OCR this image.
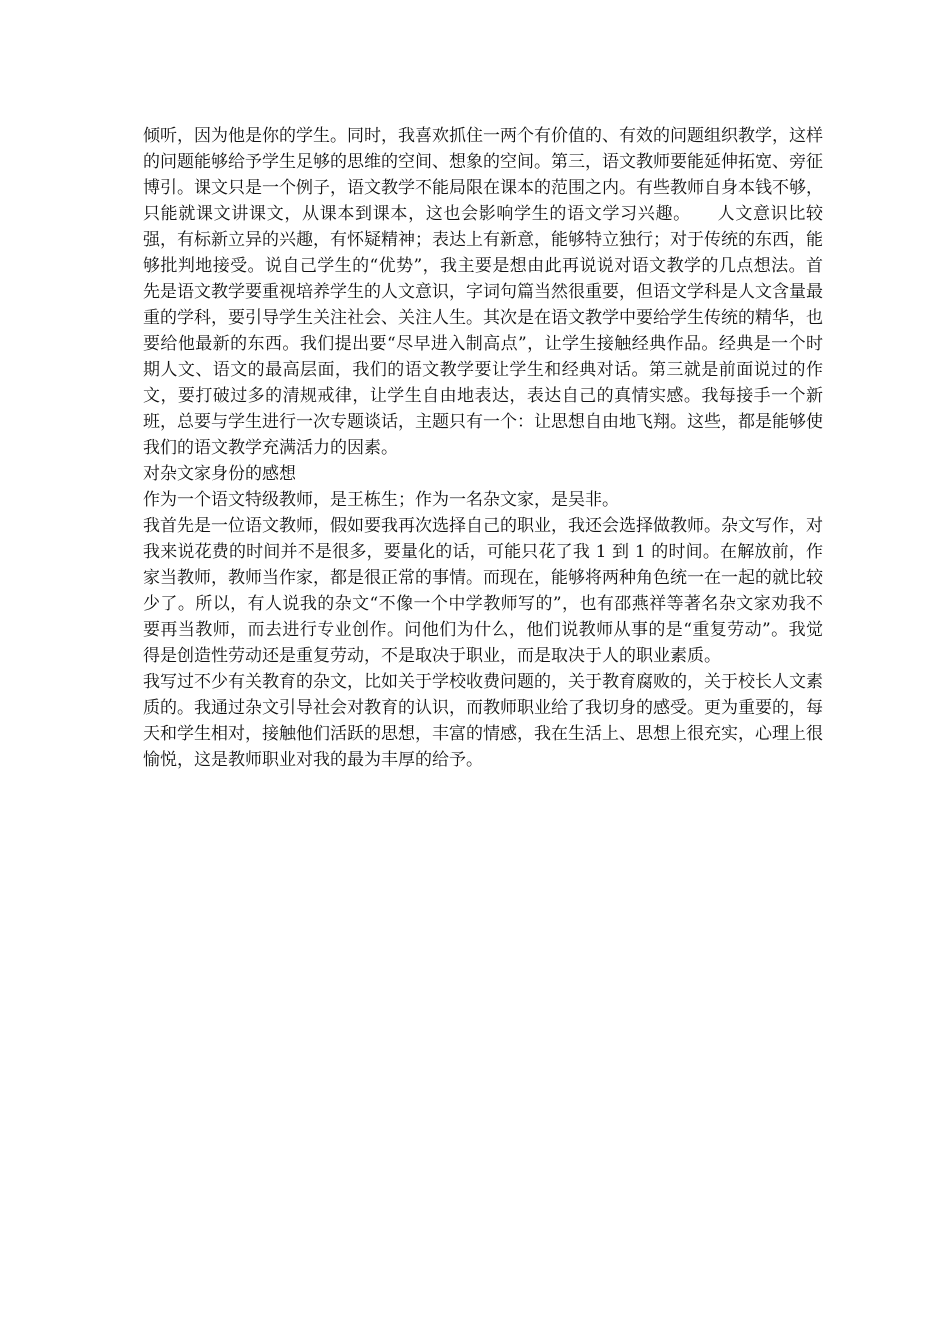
倾听，因为他是你的学生。同时，我喜欢抓住一两个有价值的、有效的问题组织教学，这样的问题能够给予学生足够的思维的空间、想象的空间。第三，语文教师要能延伸拓宽、旁征博引。课文只是一个例子，语文教学不能局限在课本的范围之内。有些教师自身本钱不够，只能就课文讲课文，从课本到课本，这也会影响学生的语文学习兴趣。　　人文意识比较强，有标新立异的兴趣，有怀疑精神；表达上有新意，能够特立独行；对于传统的东西，能够批判地接受。说自己学生的“优势”，我主要是想由此再说说对语文教学的几点想法。首先是语文教学要重视培养学生的人文意识，字词句篇当然很重要，但语文学科是人文含量最重的学科，要引导学生关注社会、关注人生。其次是在语文教学中要给学生传统的精华，也要给他最新的东西。我们提出要“尽早进入制高点”，让学生接触经典作品。经典是一个时期人文、语文的最高层面，我们的语文教学要让学生和经典对话。第三就是前面说过的作文，要打破过多的清规戒律，让学生自由地表达，表达自己的真情实感。我每接手一个新班，总要与学生进行一次专题谈话，主题只有一个：让思想自由地飞翔。这些，都是能够使我们的语文教学充满活力的因素。

对杂文家身份的感想

作为一个语文特级教师，是王栋生；作为一名杂文家，是吴非。

我首先是一位语文教师，假如要我再次选择自己的职业，我还会选择做教师。杂文写作，对我来说花费的时间并不是很多，要量化的话，可能只花了我 1 到 1 的时间。在解放前，作家当教师，教师当作家，都是很正常的事情。而现在，能够将两种角色统一在一起的就比较少了。所以，有人说我的杂文“不像一个中学教师写的”，也有邵燕祥等著名杂文家劝我不要再当教师，而去进行专业创作。问他们为什么，他们说教师从事的是“重复劳动”。我觉得是创造性劳动还是重复劳动，不是取决于职业，而是取决于人的职业素质。

我写过不少有关教育的杂文，比如关于学校收费问题的，关于教育腐败的，关于校长人文素质的。我通过杂文引导社会对教育的认识，而教师职业给了我切身的感受。更为重要的，每天和学生相对，接触他们活跃的思想，丰富的情感，我在生活上、思想上很充实，心理上很愉悦，这是教师职业对我的最为丰厚的给予。
